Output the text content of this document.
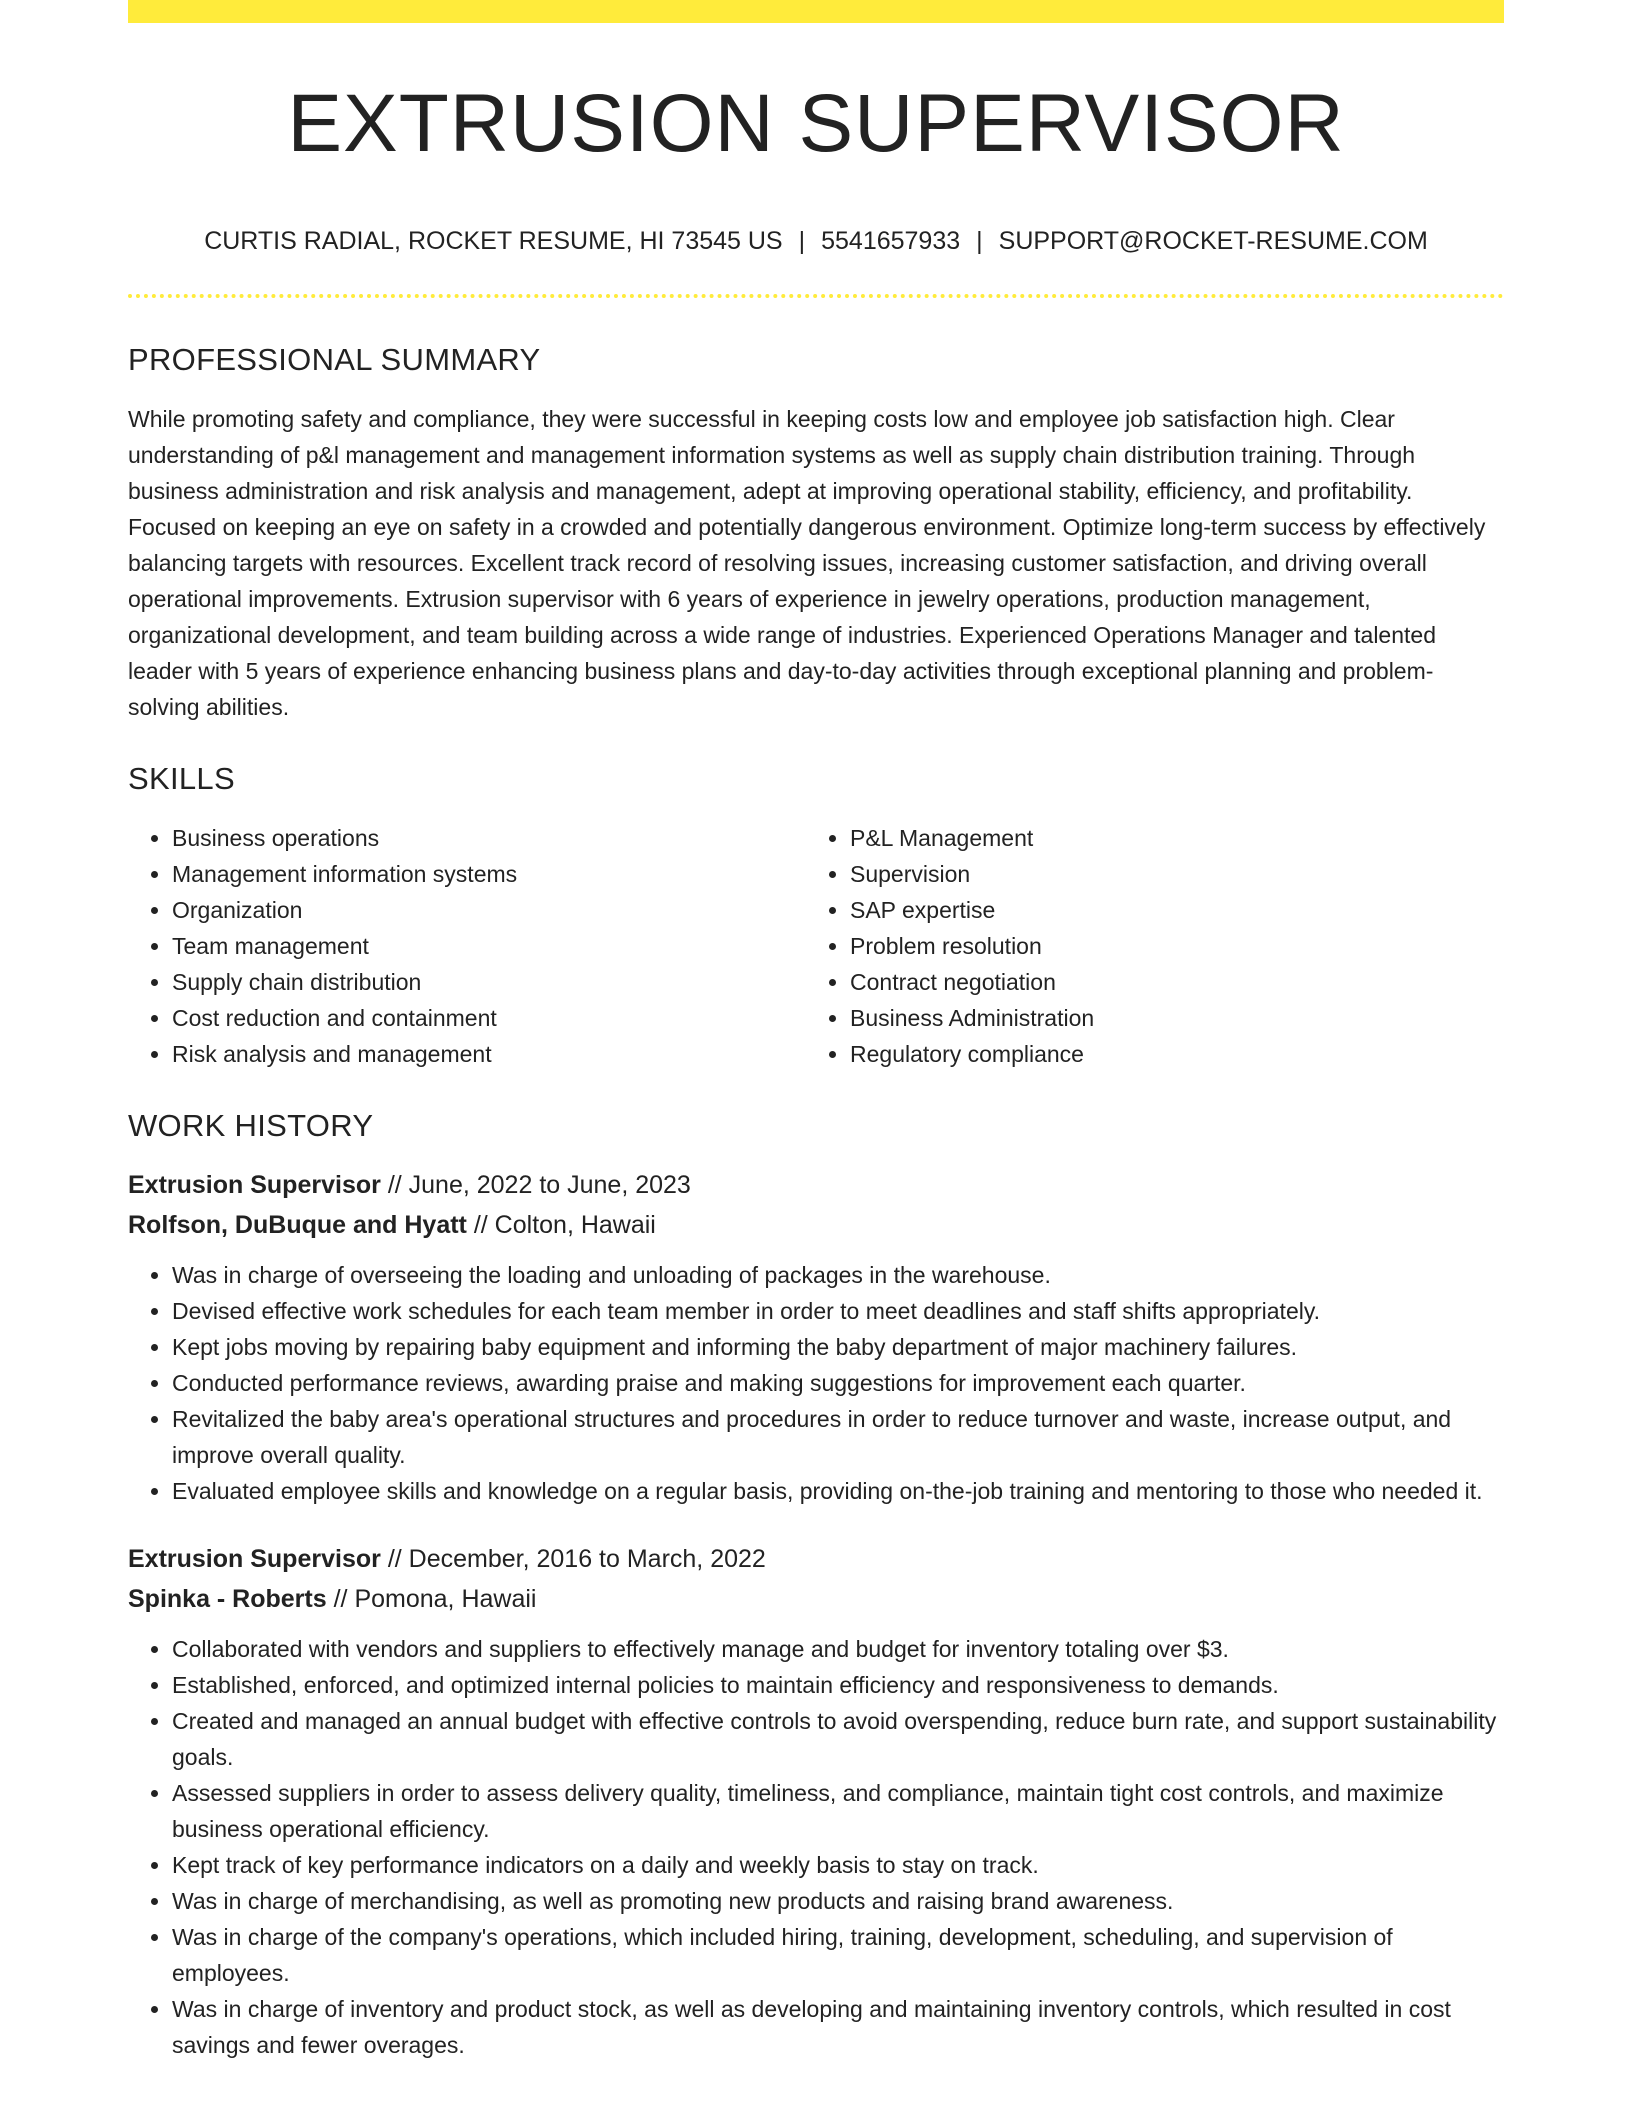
EXTRUSION SUPERVISOR
CURTIS RADIAL, ROCKET RESUME, HI 73545 US | 5541657933 | SUPPORT@ROCKET-RESUME.COM
PROFESSIONAL SUMMARY

While promoting safety and compliance, they were successful in keeping costs low and employee job satisfaction high. Clear understanding of p&l management and management information systems as well as supply chain distribution training. Through business administration and risk analysis and management, adept at improving operational stability, efficiency, and profitability. Focused on keeping an eye on safety in a crowded and potentially dangerous environment. Optimize long-term success by effectively balancing targets with resources. Excellent track record of resolving issues, increasing customer satisfaction, and driving overall operational improvements. Extrusion supervisor with 6 years of experience in jewelry operations, production management, organizational development, and team building across a wide range of industries. Experienced Operations Manager and talented leader with 5 years of experience enhancing business plans and day-to-day activities through exceptional planning and problem-solving abilities.

SKILLS
• Business operations
• Management information systems
• Organization
• Team management
• Supply chain distribution
• Cost reduction and containment
• Risk analysis and management
• P&L Management
• Supervision
• SAP expertise
• Problem resolution
• Contract negotiation
• Business Administration
• Regulatory compliance
WORK HISTORY
Extrusion Supervisor // June, 2022 to June, 2023
Rolfson, DuBuque and Hyatt // Colton, Hawaii
• Was in charge of overseeing the loading and unloading of packages in the warehouse.
• Devised effective work schedules for each team member in order to meet deadlines and staff shifts appropriately.
• Kept jobs moving by repairing baby equipment and informing the baby department of major machinery failures.
• Conducted performance reviews, awarding praise and making suggestions for improvement each quarter.
• Revitalized the baby area's operational structures and procedures in order to reduce turnover and waste, increase output, and improve overall quality.
• Evaluated employee skills and knowledge on a regular basis, providing on-the-job training and mentoring to those who needed it.
Extrusion Supervisor // December, 2016 to March, 2022
Spinka - Roberts // Pomona, Hawaii
• Collaborated with vendors and suppliers to effectively manage and budget for inventory totaling over $3.
• Established, enforced, and optimized internal policies to maintain efficiency and responsiveness to demands.
• Created and managed an annual budget with effective controls to avoid overspending, reduce burn rate, and support sustainability goals.
• Assessed suppliers in order to assess delivery quality, timeliness, and compliance, maintain tight cost controls, and maximize business operational efficiency.
• Kept track of key performance indicators on a daily and weekly basis to stay on track.
• Was in charge of merchandising, as well as promoting new products and raising brand awareness.
• Was in charge of the company's operations, which included hiring, training, development, scheduling, and supervision of employees.
• Was in charge of inventory and product stock, as well as developing and maintaining inventory controls, which resulted in cost savings and fewer overages.
